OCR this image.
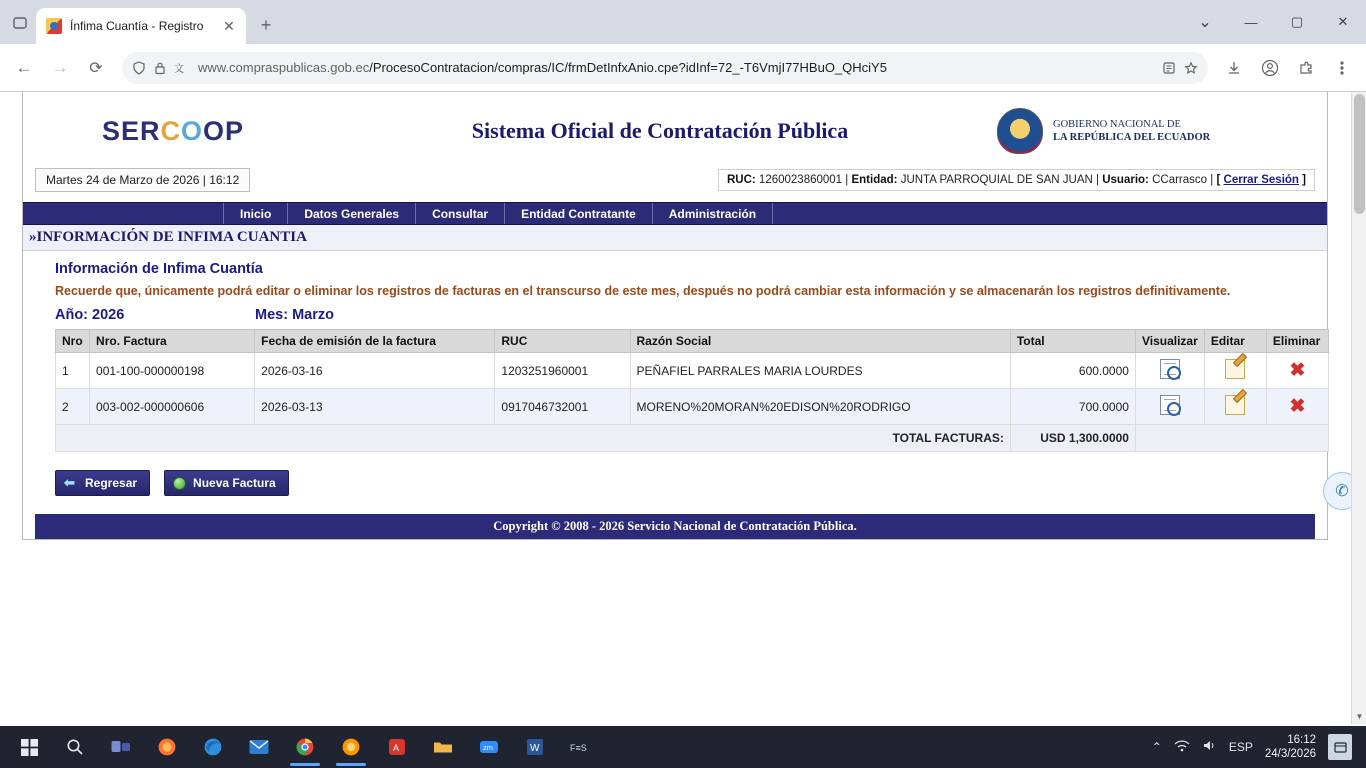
Ínfima Cuantía - Registro	✕	+	⌄	—	▢	✕
←	→	⟳	文 www.compraspublicas.gob.ec/ProcesoContratacion/compras/IC/frmDetInfxAnio.cpe?idInf=72_-T6VmjI77HBuO_QHciY5
SERCOOP	Sistema Oficial de Contratación Pública	GOBIERNO NACIONAL DE
LA REPÚBLICA DEL ECUADOR
Martes 24 de Marzo de 2026 | 16:12	RUC: 1260023860001 | Entidad: JUNTA PARROQUIAL DE SAN JUAN | Usuario: CCarrasco | [ Cerrar Sesión ]
Inicio	Datos Generales	Consultar	Entidad Contratante	Administración
»INFORMACIÓN DE INFIMA CUANTIA
Información de Infima Cuantía
Recuerde que, únicamente podrá editar o eliminar los registros de facturas en el transcurso de este mes, después no podrá cambiar esta información y se almacenarán los registros definitivamente.
Año: 2026	Mes: Marzo
Nro	Nro. Factura	Fecha de emisión de la factura	RUC	Razón Social	Total	Visualizar	Editar	Eliminar
1	001-100-000000198	2026-03-16	1203251960001	PEÑAFIEL PARRALES MARIA LOURDES	600.0000			✖
2	003-002-000000606	2026-03-13	0917046732001	MORENO%20MORAN%20EDISON%20RODRIGO	700.0000			✖
TOTAL FACTURAS:					USD 1,300.0000			
⬅ Regresar	Nueva Factura
Copyright © 2008 - 2026 Servicio Nacional de Contratación Pública.
✆
▼
A	zm	W	F≡S	⌃	ESP
16:12
24/3/2026
